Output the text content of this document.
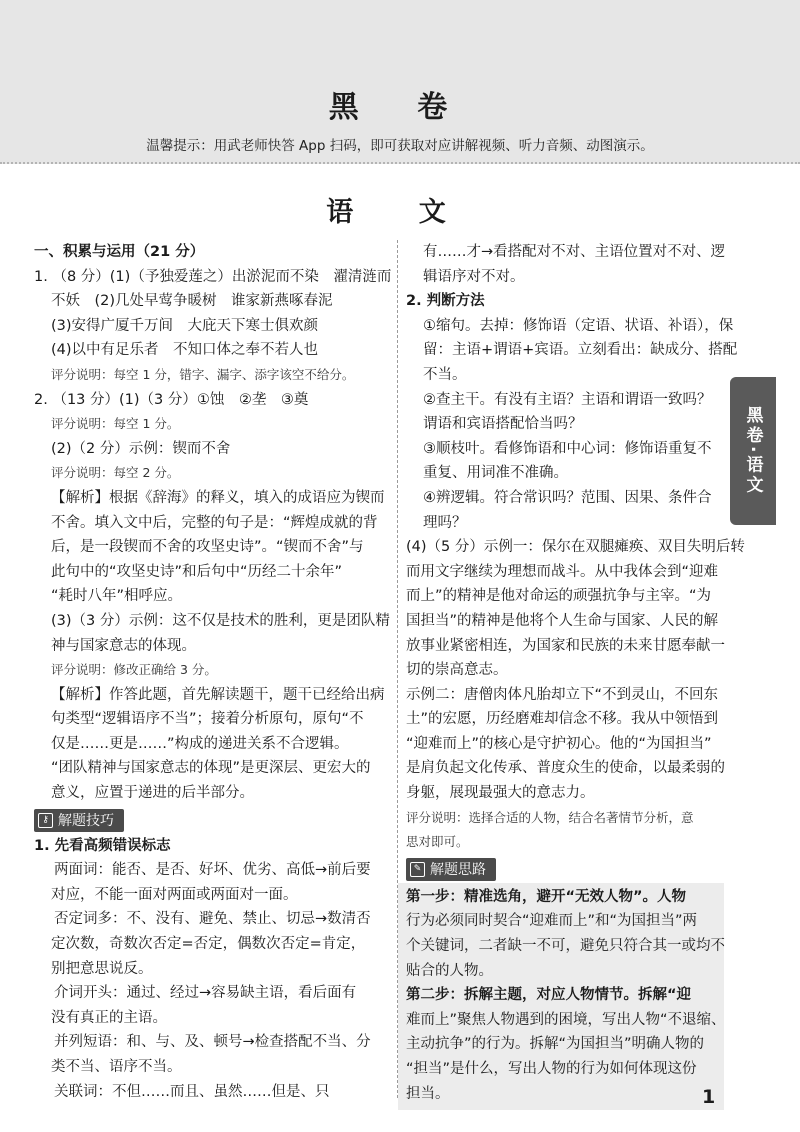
黑 卷
温馨提示：用武老师快答 App 扫码，即可获取对应讲解视频、听力音频、动图演示。
语 文
一、积累与运用（21 分）
1. （8 分）(1)（予独爱莲之）出淤泥而不染　濯清涟而
不妖　(2)几处早莺争暖树　谁家新燕啄春泥
(3)安得广厦千万间　大庇天下寒士俱欢颜
(4)以中有足乐者　不知口体之奉不若人也
评分说明：每空 1 分，错字、漏字、添字该空不给分。
2. （13 分）(1)（3 分）①蚀　②垄　③奠
评分说明：每空 1 分。
(2)（2 分）示例：锲而不舍
评分说明：每空 2 分。
【解析】根据《辞海》的释义，填入的成语应为锲而
不舍。填入文中后，完整的句子是：“辉煌成就的背
后，是一段锲而不舍的攻坚史诗”。“锲而不舍”与
此句中的“攻坚史诗”和后句中“历经二十余年”
“耗时八年”相呼应。
(3)（3 分）示例：这不仅是技术的胜利，更是团队精
神与国家意志的体现。
评分说明：修改正确给 3 分。
【解析】作答此题，首先解读题干，题干已经给出病
句类型“逻辑语序不当”；接着分析原句，原句“不
仅是……更是……”构成的递进关系不合逻辑。
“团队精神与国家意志的体现”是更深层、更宏大的
意义，应置于递进的后半部分。
⚷ 解题技巧
1. 先看高频错误标志
两面词：能否、是否、好坏、优劣、高低→前后要
对应，不能一面对两面或两面对一面。
否定词多：不、没有、避免、禁止、切忌→数清否
定次数，奇数次否定=否定，偶数次否定=肯定，
别把意思说反。
介词开头：通过、经过→容易缺主语，看后面有
没有真正的主语。
并列短语：和、与、及、顿号→检查搭配不当、分
类不当、语序不当。
关联词：不但……而且、虽然……但是、只
有……才→看搭配对不对、主语位置对不对、逻
辑语序对不对。
2. 判断方法
①缩句。去掉：修饰语（定语、状语、补语），保
留：主语+谓语+宾语。立刻看出：缺成分、搭配
不当。
②查主干。有没有主语？主语和谓语一致吗？
谓语和宾语搭配恰当吗？
③顺枝叶。看修饰语和中心词：修饰语重复不
重复、用词准不准确。
④辨逻辑。符合常识吗？范围、因果、条件合
理吗？
(4)（5 分）示例一：保尔在双腿瘫痪、双目失明后转
而用文字继续为理想而战斗。从中我体会到“迎难
而上”的精神是他对命运的顽强抗争与主宰。“为
国担当”的精神是他将个人生命与国家、人民的解
放事业紧密相连，为国家和民族的未来甘愿奉献一
切的崇高意志。
示例二：唐僧肉体凡胎却立下“不到灵山，不回东
土”的宏愿，历经磨难却信念不移。我从中领悟到
“迎难而上”的核心是守护初心。他的“为国担当”
是肩负起文化传承、普度众生的使命，以最柔弱的
身躯，展现最强大的意志力。
评分说明：选择合适的人物，结合名著情节分析，意
思对即可。
✎ 解题思路
第一步：精准选角，避开“无效人物”。人物
行为必须同时契合“迎难而上”和“为国担当”两
个关键词，二者缺一不可，避免只符合其一或均不
贴合的人物。
第二步：拆解主题，对应人物情节。拆解“迎
难而上”聚焦人物遇到的困境，写出人物“不退缩、
主动抗争”的行为。拆解“为国担当”明确人物的
“担当”是什么，写出人物的行为如何体现这份
担当。
黑卷·语文
1
